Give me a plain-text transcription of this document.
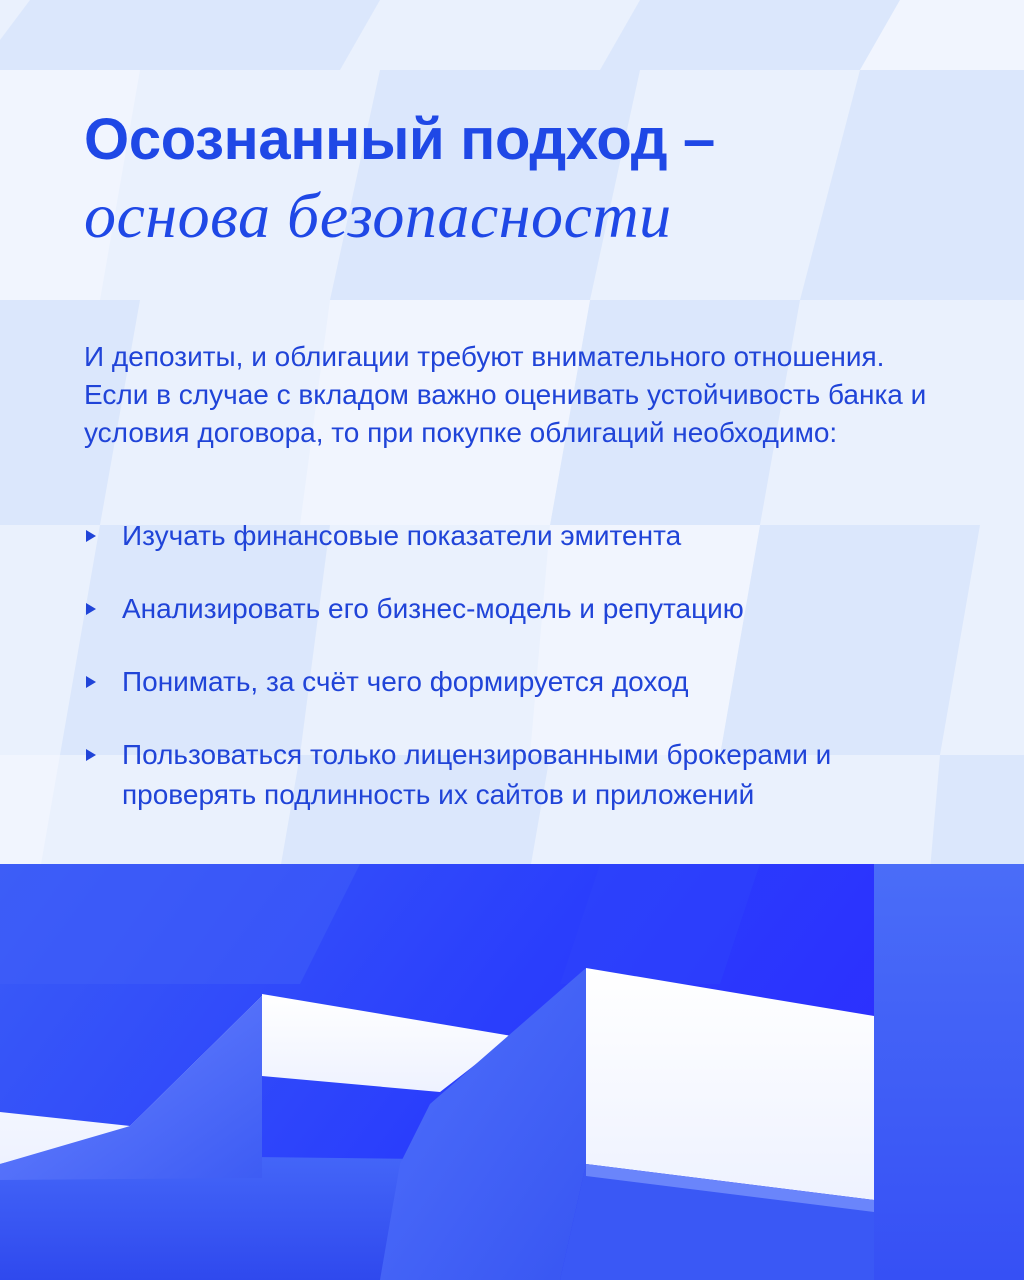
Осознанный подход –
основа безопасности

И депозиты, и облигации требуют внимательного отношения. Если в случае с вкладом важно оценивать устойчивость банка и условия договора, то при покупке облигаций необходимо:

Изучать финансовые показатели эмитента
Анализировать его бизнес-модель и репутацию
Понимать, за счёт чего формируется доход
Пользоваться только лицензированными брокерами и проверять подлинность их сайтов и приложений
